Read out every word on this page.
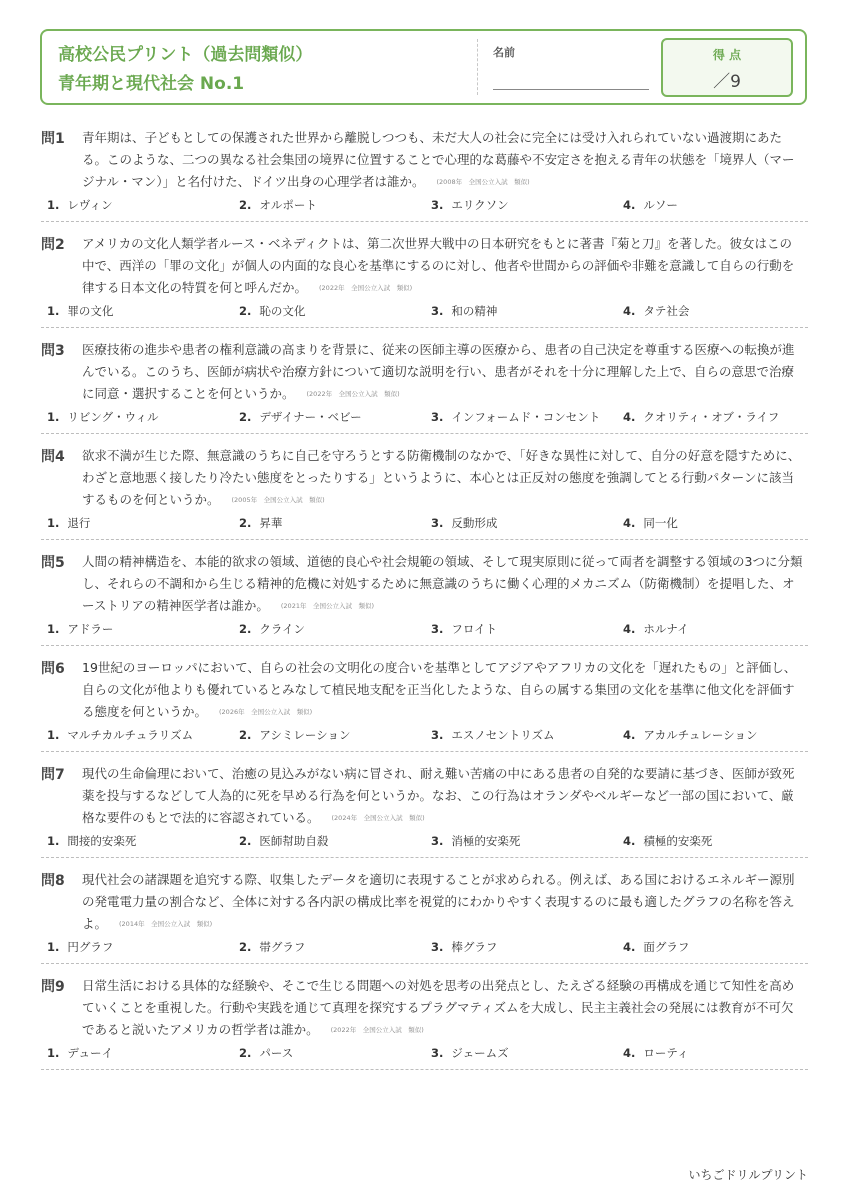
高校公民プリント（過去問類似）
青年期と現代社会 No.1
名前	得 点
／9
問1 青年期は、子どもとしての保護された世界から離脱しつつも、未だ大人の社会に完全には受け入れられていない過渡期にあたる。このような、二つの異なる社会集団の境界に位置することで心理的な葛藤や不安定さを抱える青年の状態を「境界人（マージナル・マン）」と名付けた、ドイツ出身の心理学者は誰か。 (2008年　全国公立入試　類似)
1. レヴィン	2. オルポート	3. エリクソン	4. ルソー
問2 アメリカの文化人類学者ルース・ベネディクトは、第二次世界大戦中の日本研究をもとに著書『菊と刀』を著した。彼女はこの中で、西洋の「罪の文化」が個人の内面的な良心を基準にするのに対し、他者や世間からの評価や非難を意識して自らの行動を律する日本文化の特質を何と呼んだか。 (2022年　全国公立入試　類似)
1. 罪の文化	2. 恥の文化	3. 和の精神	4. タテ社会
問3 医療技術の進歩や患者の権利意識の高まりを背景に、従来の医師主導の医療から、患者の自己決定を尊重する医療への転換が進んでいる。このうち、医師が病状や治療方針について適切な説明を行い、患者がそれを十分に理解した上で、自らの意思で治療に同意・選択することを何というか。 (2022年　全国公立入試　類似)
1. リビング・ウィル	2. デザイナー・ベビー	3. インフォームド・コンセント 4. クオリティ・オブ・ライフ
問4 欲求不満が生じた際、無意識のうちに自己を守ろうとする防衛機制のなかで、「好きな異性に対して、自分の好意を隠すために、わざと意地悪く接したり冷たい態度をとったりする」というように、本心とは正反対の態度を強調してとる行動パターンに該当するものを何というか。 (2005年　全国公立入試　類似)
1. 退行	2. 昇華	3. 反動形成	4. 同一化
問5 人間の精神構造を、本能的欲求の領域、道徳的良心や社会規範の領域、そして現実原則に従って両者を調整する領域の3つに分類し、それらの不調和から生じる精神的危機に対処するために無意識のうちに働く心理的メカニズム（防衛機制）を提唱した、オーストリアの精神医学者は誰か。 (2021年　全国公立入試　類似)
1. アドラー	2. クライン	3. フロイト	4. ホルナイ
問6 19世紀のヨーロッパにおいて、自らの社会の文明化の度合いを基準としてアジアやアフリカの文化を「遅れたもの」と評価し、自らの文化が他よりも優れているとみなして植民地支配を正当化したような、自らの属する集団の文化を基準に他文化を評価する態度を何というか。 (2026年　全国公立入試　類似)
1. マルチカルチュラリズム	2. アシミレーション	3. エスノセントリズム	4. アカルチュレーション
問7 現代の生命倫理において、治癒の見込みがない病に冒され、耐え難い苦痛の中にある患者の自発的な要請に基づき、医師が致死薬を投与するなどして人為的に死を早める行為を何というか。なお、この行為はオランダやベルギーなど一部の国において、厳格な要件のもとで法的に容認されている。 (2024年　全国公立入試　類似)
1. 間接的安楽死	2. 医師幇助自殺	3. 消極的安楽死	4. 積極的安楽死
問8 現代社会の諸課題を追究する際、収集したデータを適切に表現することが求められる。例えば、ある国におけるエネルギー源別の発電電力量の割合など、全体に対する各内訳の構成比率を視覚的にわかりやすく表現するのに最も適したグラフの名称を答えよ。 (2014年　全国公立入試　類似)
1. 円グラフ	2. 帯グラフ	3. 棒グラフ	4. 面グラフ
問9 日常生活における具体的な経験や、そこで生じる問題への対処を思考の出発点とし、たえざる経験の再構成を通じて知性を高めていくことを重視した。行動や実践を通じて真理を探究するプラグマティズムを大成し、民主主義社会の発展には教育が不可欠であると説いたアメリカの哲学者は誰か。 (2022年　全国公立入試　類似)
1. デューイ	2. パース	3. ジェームズ	4. ローティ
いちごドリルプリント
